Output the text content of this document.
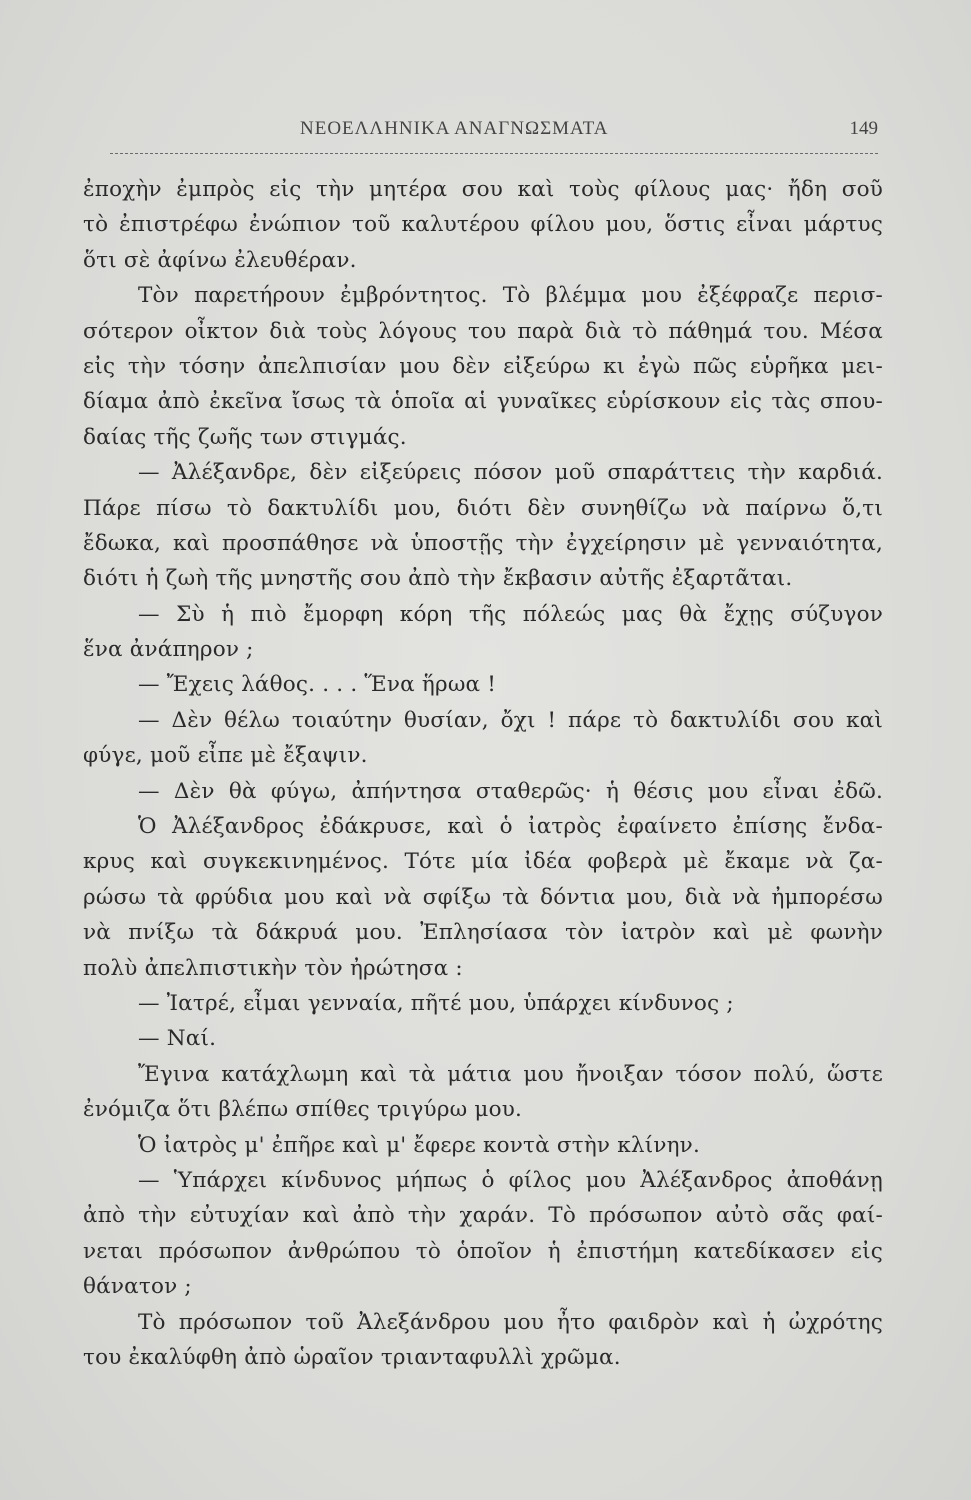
ΝΕΟΕΛΛΗΝΙΚΑ ΑΝΑΓΝΩΣΜΑΤΑ	149
ἐποχὴν ἐμπρὸς εἰς τὴν μητέρα σου καὶ τοὺς φίλους μας· ἤδη σοῦ
τὸ ἐπιστρέφω ἐνώπιον τοῦ καλυτέρου φίλου μου, ὅστις εἶναι μάρτυς
ὅτι σὲ ἀφίνω ἐλευθέραν.
Τὸν παρετήρουν ἐμβρόντητος. Τὸ βλέμμα μου ἐξέφραζε περισ-
σότερον οἶκτον διὰ τοὺς λόγους του παρὰ διὰ τὸ πάθημά του. Μέσα
εἰς τὴν τόσην ἀπελπισίαν μου δὲν εἰξεύρω κι ἐγὼ πῶς εὑρῆκα μει-
δίαμα ἀπὸ ἐκεῖνα ἴσως τὰ ὁποῖα αἱ γυναῖκες εὑρίσκουν εἰς τὰς σπου-
δαίας τῆς ζωῆς των στιγμάς.
— Ἀλέξανδρε, δὲν εἰξεύρεις πόσον μοῦ σπαράττεις τὴν καρδιά.
Πάρε πίσω τὸ δακτυλίδι μου, διότι δὲν συνηθίζω νὰ παίρνω ὅ,τι
ἔδωκα, καὶ προσπάθησε νὰ ὑποστῇς τὴν ἐγχείρησιν μὲ γενναιότητα,
διότι ἡ ζωὴ τῆς μνηστῆς σου ἀπὸ τὴν ἔκβασιν αὐτῆς ἐξαρτᾶται.
— Σὺ ἡ πιὸ ἔμορφη κόρη τῆς πόλεώς μας θὰ ἔχῃς σύζυγον
ἕνα ἀνάπηρον ;
— Ἔχεις λάθος. . . . Ἕνα ἥρωα !
— Δὲν θέλω τοιαύτην θυσίαν, ὄχι ! πάρε τὸ δακτυλίδι σου καὶ
φύγε, μοῦ εἶπε μὲ ἔξαψιν.
— Δὲν θὰ φύγω, ἀπήντησα σταθερῶς· ἡ θέσις μου εἶναι ἐδῶ.
Ὁ Ἀλέξανδρος ἐδάκρυσε, καὶ ὁ ἰατρὸς ἐφαίνετο ἐπίσης ἔνδα-
κρυς καὶ συγκεκινημένος. Τότε μία ἰδέα φοβερὰ μὲ ἔκαμε νὰ ζα-
ρώσω τὰ φρύδια μου καὶ νὰ σφίξω τὰ δόντια μου, διὰ νὰ ἠμπορέσω
νὰ πνίξω τὰ δάκρυά μου. Ἐπλησίασα τὸν ἰατρὸν καὶ μὲ φωνὴν
πολὺ ἀπελπιστικὴν τὸν ἠρώτησα :
— Ἰατρέ, εἶμαι γενναία, πῆτέ μου, ὑπάρχει κίνδυνος ;
— Ναί.
Ἔγινα κατάχλωμη καὶ τὰ μάτια μου ἤνοιξαν τόσον πολύ, ὥστε
ἐνόμιζα ὅτι βλέπω σπίθες τριγύρω μου.
Ὁ ἰατρὸς μ' ἐπῆρε καὶ μ' ἔφερε κοντὰ στὴν κλίνην.
— Ὑπάρχει κίνδυνος μήπως ὁ φίλος μου Ἀλέξανδρος ἀποθάνῃ
ἀπὸ τὴν εὐτυχίαν καὶ ἀπὸ τὴν χαράν. Τὸ πρόσωπον αὐτὸ σᾶς φαί-
νεται πρόσωπον ἀνθρώπου τὸ ὁποῖον ἡ ἐπιστήμη κατεδίκασεν εἰς
θάνατον ;
Τὸ πρόσωπον τοῦ Ἀλεξάνδρου μου ἦτο φαιδρὸν καὶ ἡ ὠχρότης
του ἐκαλύφθη ἀπὸ ὡραῖον τριανταφυλλὶ χρῶμα.
